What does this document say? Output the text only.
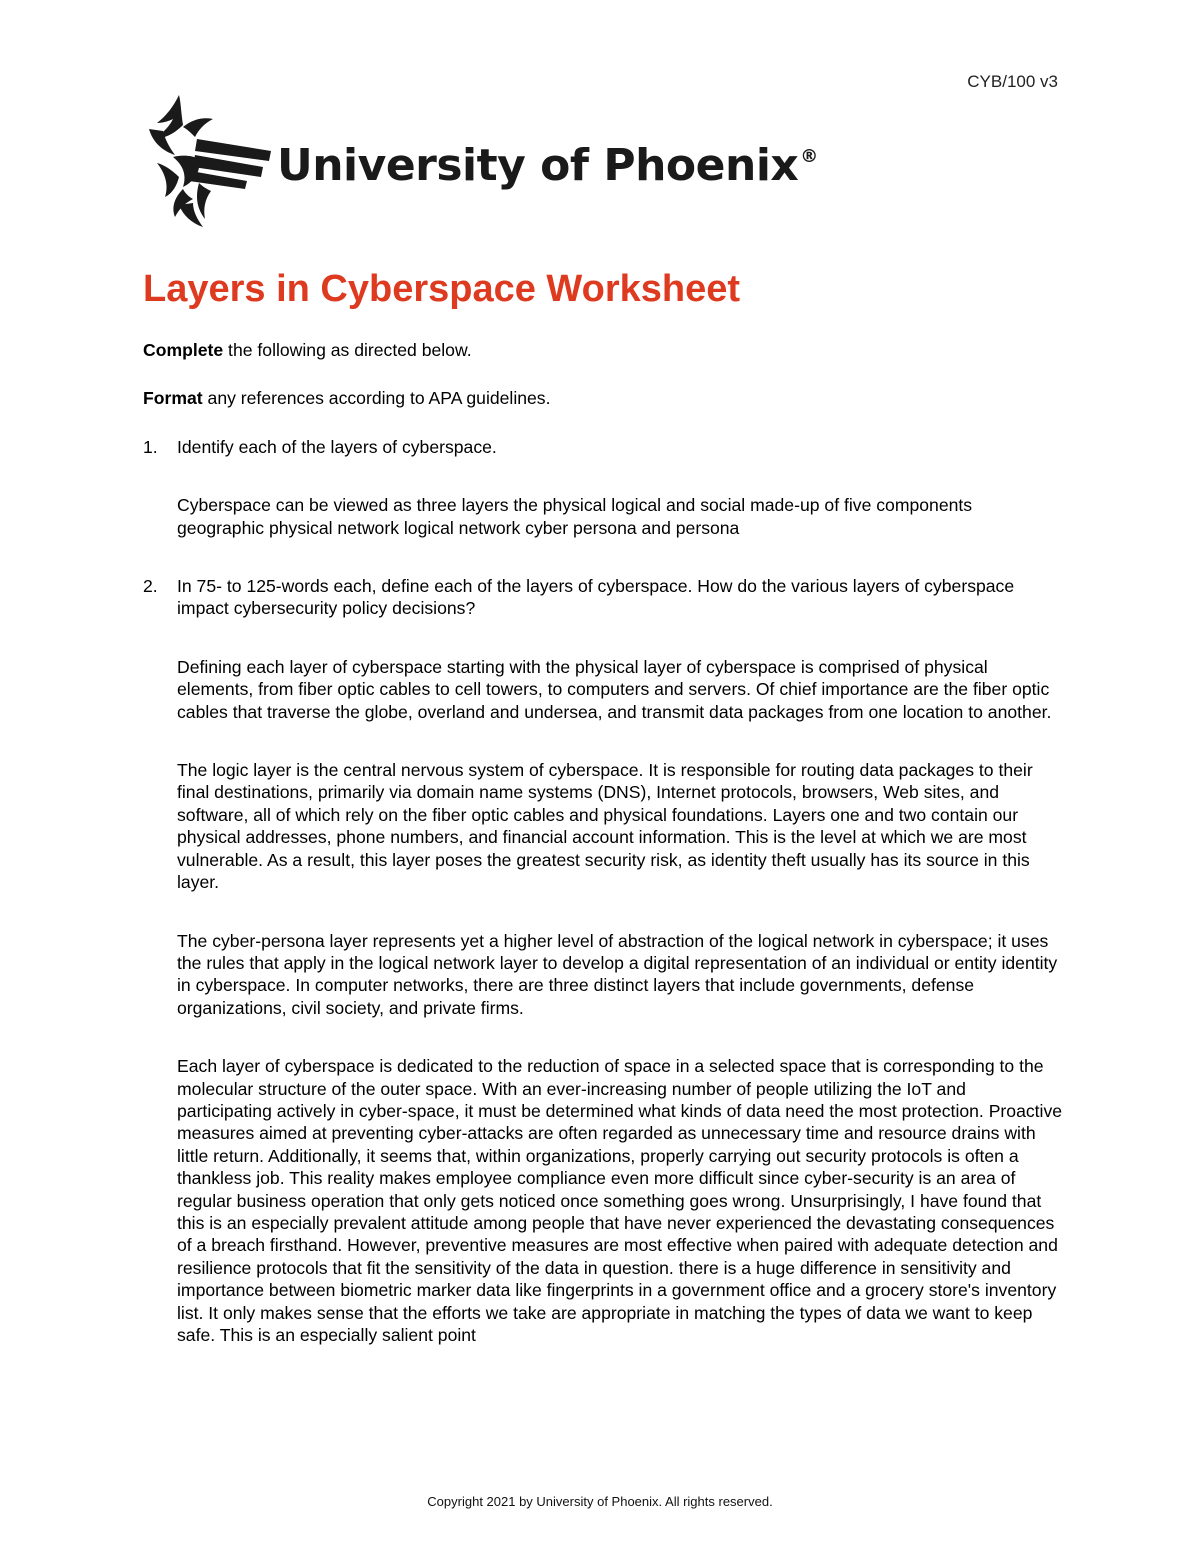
CYB/100 v3
University of Phoenix ®
Layers in Cyberspace Worksheet

Complete the following as directed below.

Format any references according to APA guidelines.

1.	Identify each of the layers of cyberspace.

Cyberspace can be viewed as three layers the physical logical and social made-up of five components geographic physical network logical network cyber persona and persona

2.	In 75- to 125-words each, define each of the layers of cyberspace. How do the various layers of cyberspace impact cybersecurity policy decisions?

Defining each layer of cyberspace starting with the physical layer of cyberspace is comprised of physical elements, from fiber optic cables to cell towers, to computers and servers. Of chief importance are the fiber optic cables that traverse the globe, overland and undersea, and transmit data packages from one location to another.

The logic layer is the central nervous system of cyberspace. It is responsible for routing data packages to their final destinations, primarily via domain name systems (DNS), Internet protocols, browsers, Web sites, and software, all of which rely on the fiber optic cables and physical foundations. Layers one and two contain our physical addresses, phone numbers, and financial account information. This is the level at which we are most vulnerable. As a result, this layer poses the greatest security risk, as identity theft usually has its source in this layer.

The cyber-persona layer represents yet a higher level of abstraction of the logical network in cyberspace; it uses the rules that apply in the logical network layer to develop a digital representation of an individual or entity identity in cyberspace. In computer networks, there are three distinct layers that include governments, defense organizations, civil society, and private firms.

Each layer of cyberspace is dedicated to the reduction of space in a selected space that is corresponding to the molecular structure of the outer space. With an ever-increasing number of people utilizing the IoT and participating actively in cyber-space, it must be determined what kinds of data need the most protection. Proactive measures aimed at preventing cyber-attacks are often regarded as unnecessary time and resource drains with little return. Additionally, it seems that, within organizations, properly carrying out security protocols is often a thankless job. This reality makes employee compliance even more difficult since cyber-security is an area of regular business operation that only gets noticed once something goes wrong. Unsurprisingly, I have found that this is an especially prevalent attitude among people that have never experienced the devastating consequences of a breach firsthand. However, preventive measures are most effective when paired with adequate detection and resilience protocols that fit the sensitivity of the data in question. there is a huge difference in sensitivity and importance between biometric marker data like fingerprints in a government office and a grocery store's inventory list. It only makes sense that the efforts we take are appropriate in matching the types of data we want to keep safe. This is an especially salient point

Copyright 2021 by University of Phoenix. All rights reserved.
